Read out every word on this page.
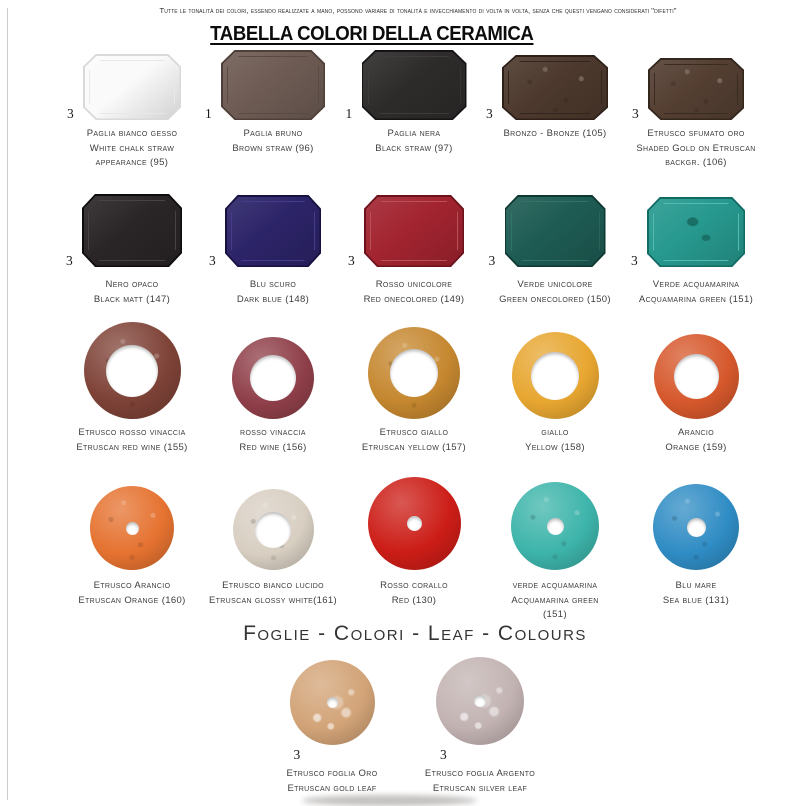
Tutte le tonalità dei colori, essendo realizzate a mano, possono variare di tonalità e invecchiamento di volta in volta, senza che questi vengano considerati "difetti"
TABELLA COLORI DELLA CERAMICA
3
Paglia bianco gesso
White chalk straw
appearance (95)
1
Paglia bruno
Brown straw (96)
1
Paglia nera
Black straw (97)
3
Bronzo - Bronze (105)
3
Etrusco sfumato oro
Shaded Gold on Etruscan
backgr. (106)
3
Nero opaco
Black matt (147)
3
Blu scuro
Dark blue (148)
3
Rosso unicolore
Red onecolored (149)
3
Verde unicolore
Green onecolored (150)
3
Verde acquamarina
Acquamarina green (151)
Etrusco rosso vinaccia
Etruscan red wine (155)
rosso vinaccia
Red wine (156)
Etrusco giallo
Etruscan yellow (157)
giallo
Yellow (158)
Arancio
Orange (159)
Etrusco Arancio
Etruscan Orange (160)
Etrusco bianco lucido
Etruscan glossy white(161)
Rosso corallo
Red (130)
verde acquamarina
Acquamarina green
(151)
Blu mare
Sea blue (131)
Foglie - Colori - Leaf - Colours
3
Etrusco foglia Oro
Etruscan gold leaf
3
Etrusco foglia Argento
Etruscan silver leaf
